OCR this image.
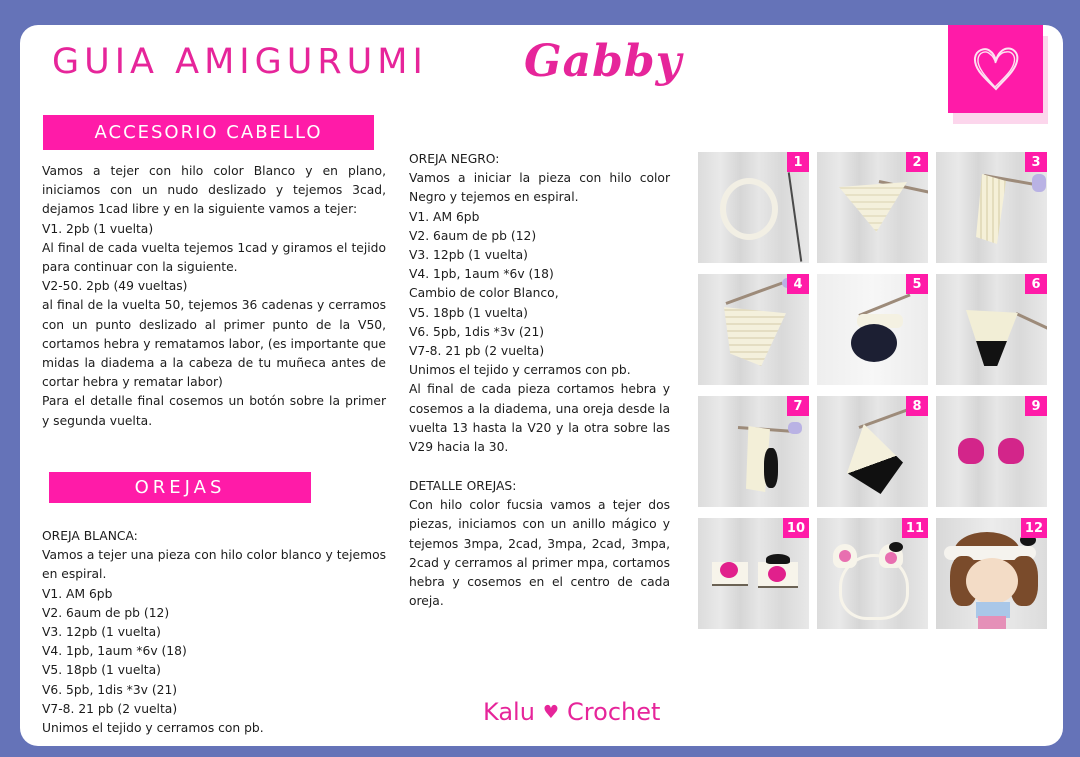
GUIA AMIGURUMI Gabby
ACCESORIO CABELLO

Vamos a tejer con hilo color Blanco y en plano, iniciamos con un nudo deslizado y tejemos 3cad, dejamos 1cad libre y en la siguiente vamos a tejer:

V1. 2pb (1 vuelta)

Al final de cada vuelta tejemos 1cad y giramos el tejido para continuar con la siguiente.

V2-50. 2pb (49 vueltas)

al final de la vuelta 50, tejemos 36 cadenas y cerramos con un punto deslizado al primer punto de la V50, cortamos hebra y rematamos labor, (es importante que midas la diadema a la cabeza de tu muñeca antes de cortar hebra y rematar labor)

Para el detalle final cosemos un botón sobre la primer y segunda vuelta.

OREJAS

OREJA BLANCA:

Vamos a tejer una pieza con hilo color blanco y tejemos en espiral.

V1. AM 6pb

V2. 6aum de pb (12)

V3. 12pb (1 vuelta)

V4. 1pb, 1aum *6v (18)

V5. 18pb (1 vuelta)

V6. 5pb, 1dis *3v (21)

V7-8. 21 pb (2 vuelta)

Unimos el tejido y cerramos con pb.

OREJA NEGRO:

Vamos a iniciar la pieza con hilo color Negro y tejemos en espiral.

V1. AM 6pb

V2. 6aum de pb (12)

V3. 12pb (1 vuelta)

V4. 1pb, 1aum *6v (18)

Cambio de color Blanco,

V5. 18pb (1 vuelta)

V6. 5pb, 1dis *3v (21)

V7-8. 21 pb (2 vuelta)

Unimos el tejido y cerramos con pb.

Al final de cada pieza cortamos hebra y cosemos a la diadema, una oreja desde la vuelta 13 hasta la V20 y la otra sobre las V29 hacia la 30.

DETALLE OREJAS:

Con hilo color fucsia vamos a tejer dos piezas, iniciamos con un anillo mágico y tejemos 3mpa, 2cad, 3mpa, 2cad, 3mpa, 2cad y cerramos al primer mpa, cortamos hebra y cosemos en el centro de cada oreja.

1	2	3
4	5	6
7	8	9
10	11	12
Kalu ♥ Crochet
